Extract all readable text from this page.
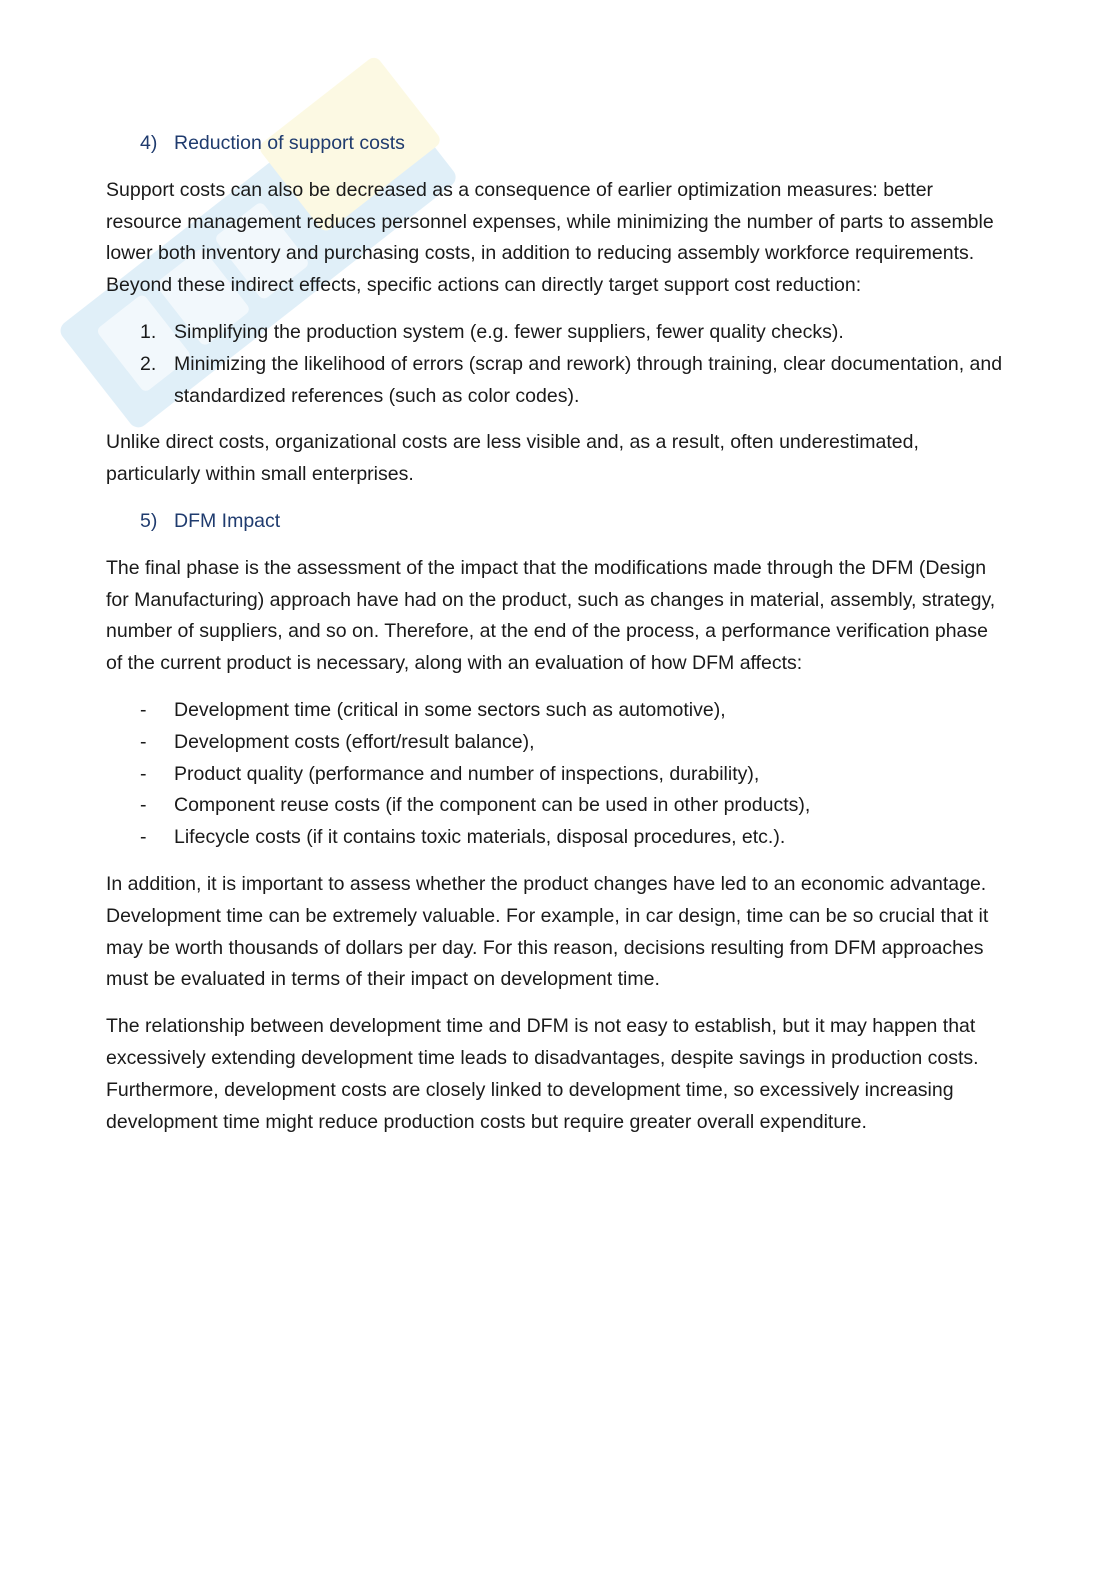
4) Reduction of support costs

Support costs can also be decreased as a consequence of earlier optimization measures: better resource management reduces personnel expenses, while minimizing the number of parts to assemble lower both inventory and purchasing costs, in addition to reducing assembly workforce requirements. Beyond these indirect effects, specific actions can directly target support cost reduction:

1. Simplifying the production system (e.g. fewer suppliers, fewer quality checks).
2. Minimizing the likelihood of errors (scrap and rework) through training, clear documentation, and standardized references (such as color codes).

Unlike direct costs, organizational costs are less visible and, as a result, often underestimated, particularly within small enterprises.

5) DFM Impact

The final phase is the assessment of the impact that the modifications made through the DFM (Design for Manufacturing) approach have had on the product, such as changes in material, assembly, strategy, number of suppliers, and so on. Therefore, at the end of the process, a performance verification phase of the current product is necessary, along with an evaluation of how DFM affects:

-	Development time (critical in some sectors such as automotive),
-	Development costs (effort/result balance),
-	Product quality (performance and number of inspections, durability),
-	Component reuse costs (if the component can be used in other products),
-	Lifecycle costs (if it contains toxic materials, disposal procedures, etc.).

In addition, it is important to assess whether the product changes have led to an economic advantage. Development time can be extremely valuable. For example, in car design, time can be so crucial that it may be worth thousands of dollars per day. For this reason, decisions resulting from DFM approaches must be evaluated in terms of their impact on development time.

The relationship between development time and DFM is not easy to establish, but it may happen that excessively extending development time leads to disadvantages, despite savings in production costs. Furthermore, development costs are closely linked to development time, so excessively increasing development time might reduce production costs but require greater overall expenditure.
